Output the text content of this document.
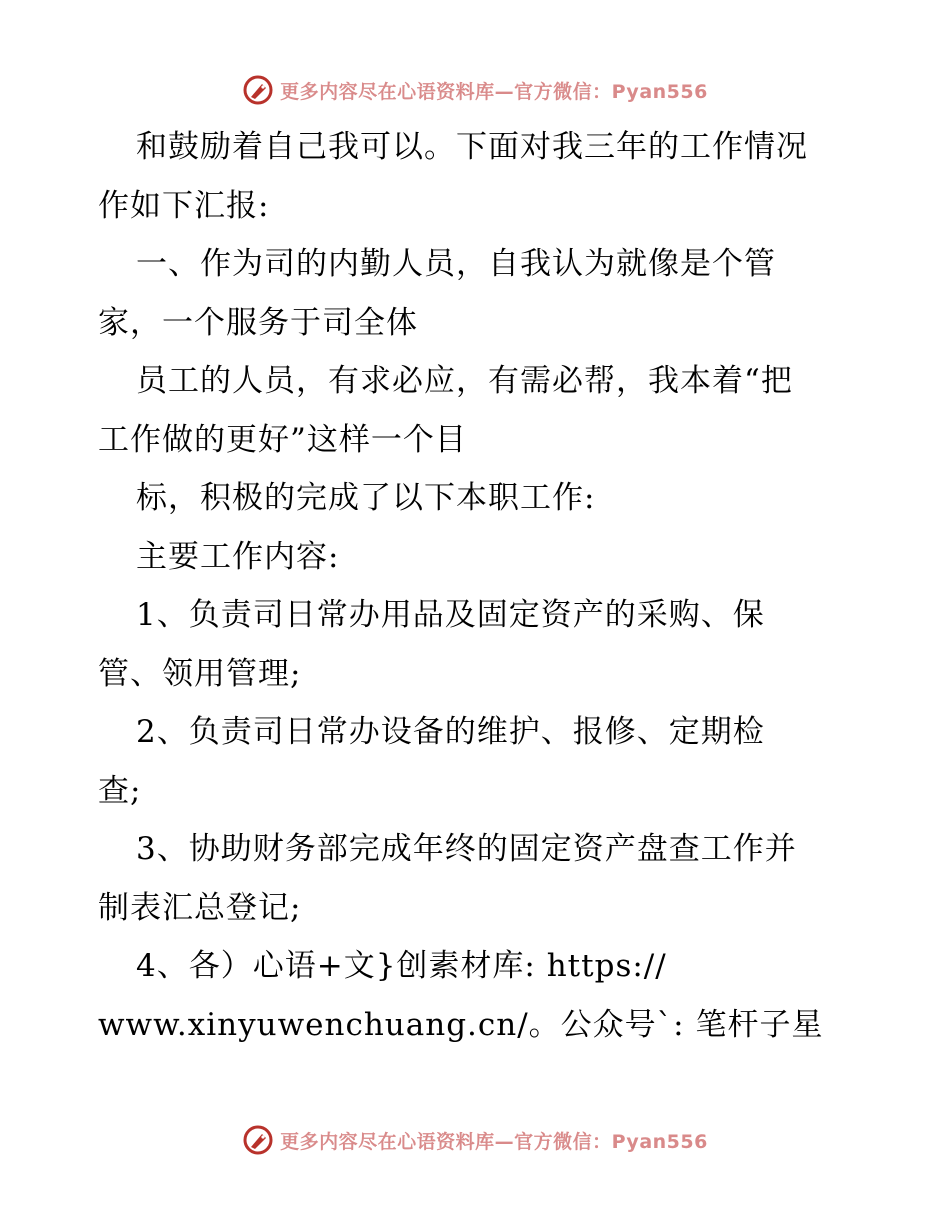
更多内容尽在心语资料库—官方微信：Pyan556
和鼓励着自己我可以。下面对我三年的工作情况
作如下汇报:
一、作为司的内勤人员，自我认为就像是个管
家，一个服务于司全体
员工的人员，有求必应，有需必帮，我本着“把
工作做的更好”这样一个目
标，积极的完成了以下本职工作:
主要工作内容:
1、负责司日常办用品及固定资产的采购、保
管、领用管理;
2、负责司日常办设备的维护、报修、定期检
查;
3、协助财务部完成年终的固定资产盘查工作并
制表汇总登记;
4、各）心语+文}创素材库: https://
www.xinyuwenchuang.cn/。公众号`: 笔杆子星
更多内容尽在心语资料库—官方微信：Pyan556
